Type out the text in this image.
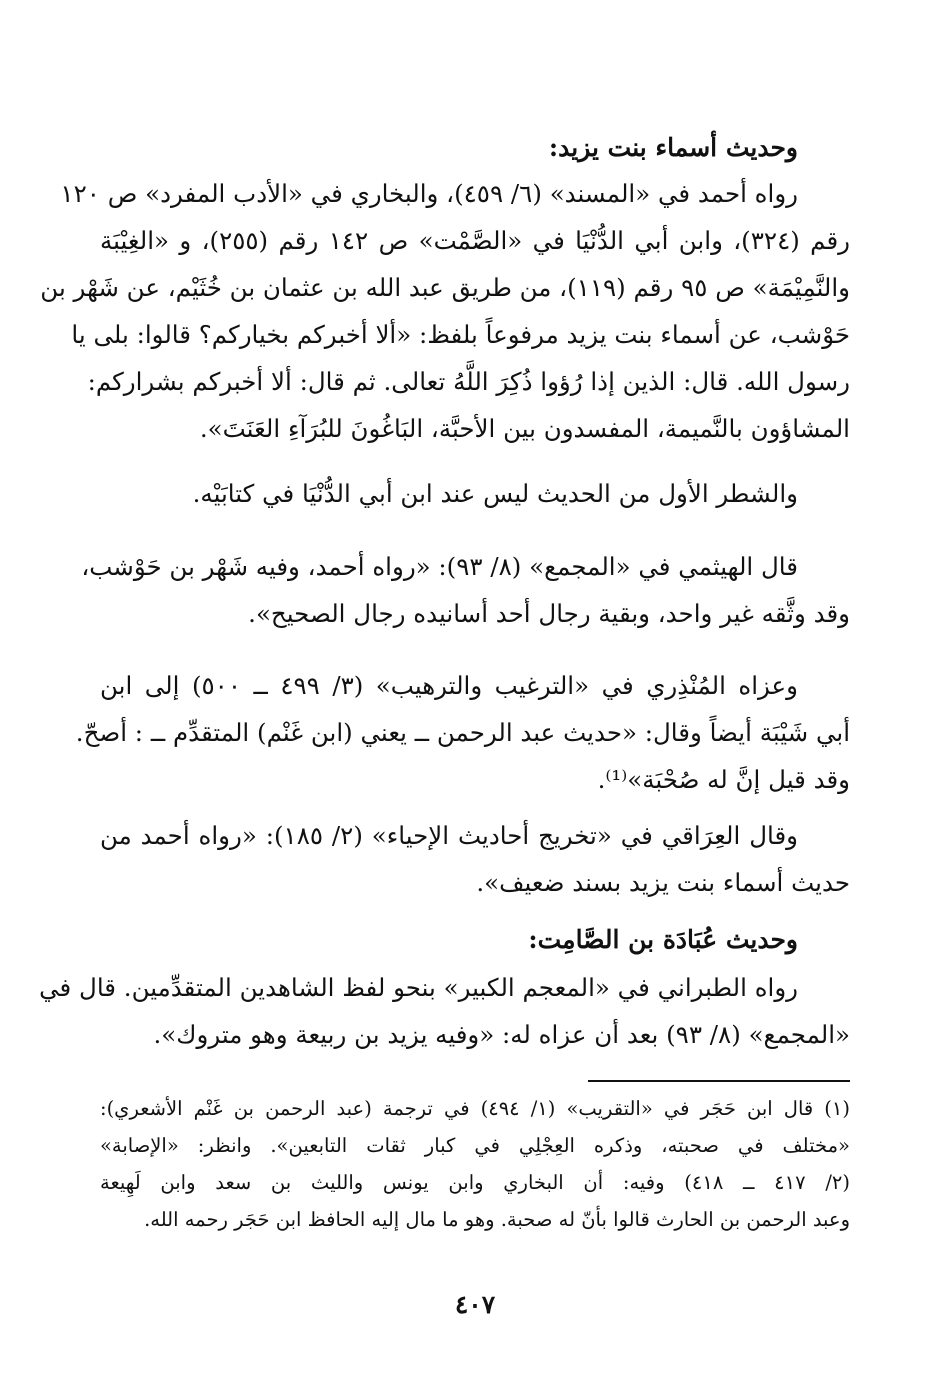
وحديث أسماء بنت يزيد:
رواه أحمد في «المسند» (٦/ ٤٥٩)، والبخاري في «الأدب المفرد» ص ١٢٠
رقم (٣٢٤)، وابن أبي الدُّنْيَا في «الصَّمْت» ص ١٤٢ رقم (٢٥٥)، و «الغِيْبَة
والنَّمِيْمَة» ص ٩٥ رقم (١١٩)، من طريق عبد الله بن عثمان بن خُثَيْم، عن شَهْر بن
حَوْشب، عن أسماء بنت يزيد مرفوعاً بلفظ: «ألا أخبركم بخياركم؟ قالوا: بلى يا
رسول الله. قال: الذين إذا رُؤوا ذُكِرَ اللَّهُ تعالى. ثم قال: ألا أخبركم بشراركم:
المشاؤون بالنَّميمة، المفسدون بين الأحبَّة، البَاغُونَ للبُرَآءِ العَنَتَ».
والشطر الأول من الحديث ليس عند ابن أبي الدُّنْيَا في كتابَيْه.
قال الهيثمي في «المجمع» (٨/ ٩٣): «رواه أحمد، وفيه شَهْر بن حَوْشب،
وقد وثَّقه غير واحد، وبقية رجال أحد أسانيده رجال الصحيح».
وعزاه المُنْذِري في «الترغيب والترهيب» (٣/ ٤٩٩ ــ ٥٠٠) إلى ابن
أبي شَيْبَة أيضاً وقال: «حديث عبد الرحمن ــ يعني (ابن غَنْم) المتقدِّم ــ : أصحّ.
وقد قيل إنَّ له صُحْبَة»⁽¹⁾.
وقال العِرَاقي في «تخريج أحاديث الإحياء» (٢/ ١٨٥): «رواه أحمد من
حديث أسماء بنت يزيد بسند ضعيف».
وحديث عُبَادَة بن الصَّامِت:
رواه الطبراني في «المعجم الكبير» بنحو لفظ الشاهدين المتقدِّمين. قال في
«المجمع» (٨/ ٩٣) بعد أن عزاه له: «وفيه يزيد بن ربيعة وهو متروك».
(١) قال ابن حَجَر في «التقريب» (١/ ٤٩٤) في ترجمة (عبد الرحمن بن غَنْم الأشعري):
«مختلف في صحبته، وذكره العِجْلِي في كبار ثقات التابعين». وانظر: «الإصابة»
(٢/ ٤١٧ ــ ٤١٨) وفيه: أن البخاري وابن يونس والليث بن سعد وابن لَهِيعة
وعبد الرحمن بن الحارث قالوا بأنّ له صحبة. وهو ما مال إليه الحافظ ابن حَجَر رحمه الله.
٤٠٧
